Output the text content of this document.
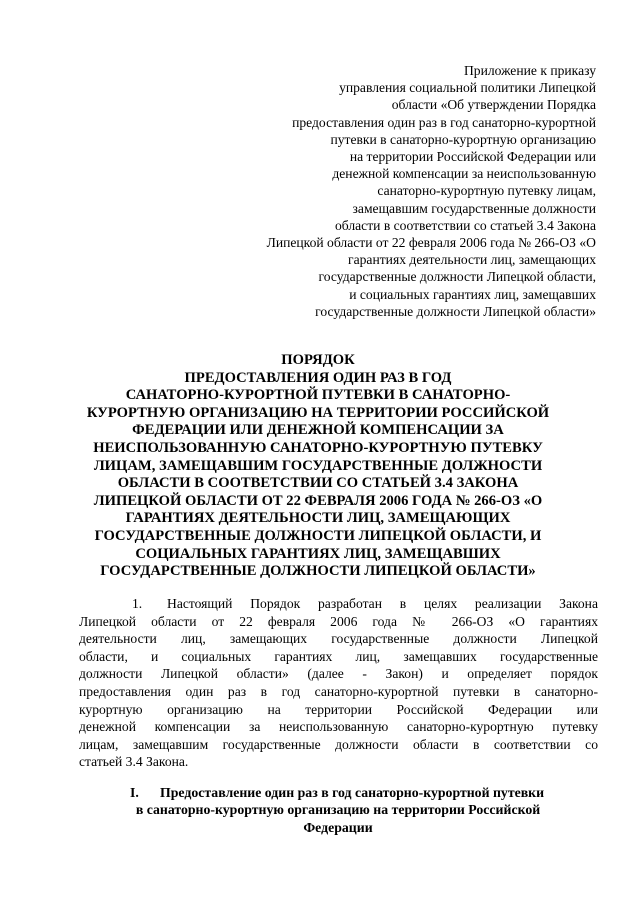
Приложение к приказу
управления социальной политики Липецкой
области «Об утверждении Порядка
предоставления один раз в год санаторно-курортной
путевки в санаторно-курортную организацию
на территории Российской Федерации или
денежной компенсации за неиспользованную
санаторно-курортную путевку лицам,
замещавшим государственные должности
области в соответствии со статьей 3.4 Закона
Липецкой области от 22 февраля 2006 года № 266-ОЗ «О
гарантиях деятельности лиц, замещающих
государственные должности Липецкой области,
и социальных гарантиях лиц, замещавших
государственные должности Липецкой области»
ПОРЯДОК
ПРЕДОСТАВЛЕНИЯ ОДИН РАЗ В ГОД
САНАТОРНО-КУРОРТНОЙ ПУТЕВКИ В САНАТОРНО-
КУРОРТНУЮ ОРГАНИЗАЦИЮ НА ТЕРРИТОРИИ РОССИЙСКОЙ
ФЕДЕРАЦИИ ИЛИ ДЕНЕЖНОЙ КОМПЕНСАЦИИ ЗА
НЕИСПОЛЬЗОВАННУЮ САНАТОРНО-КУРОРТНУЮ ПУТЕВКУ
ЛИЦАМ, ЗАМЕЩАВШИМ ГОСУДАРСТВЕННЫЕ ДОЛЖНОСТИ
ОБЛАСТИ В СООТВЕТСТВИИ СО СТАТЬЕЙ 3.4 ЗАКОНА
ЛИПЕЦКОЙ ОБЛАСТИ ОТ 22 ФЕВРАЛЯ 2006 ГОДА № 266-ОЗ «О
ГАРАНТИЯХ ДЕЯТЕЛЬНОСТИ ЛИЦ, ЗАМЕЩАЮЩИХ
ГОСУДАРСТВЕННЫЕ ДОЛЖНОСТИ ЛИПЕЦКОЙ ОБЛАСТИ, И
СОЦИАЛЬНЫХ ГАРАНТИЯХ ЛИЦ, ЗАМЕЩАВШИХ
ГОСУДАРСТВЕННЫЕ ДОЛЖНОСТИ ЛИПЕЦКОЙ ОБЛАСТИ»
1. Настоящий Порядок разработан в целях реализации Закона
Липецкой области от 22 февраля 2006 года № 266-ОЗ «О гарантиях
деятельности лиц, замещающих государственные должности Липецкой
области, и социальных гарантиях лиц, замещавших государственные
должности Липецкой области» (далее - Закон) и определяет порядок
предоставления один раз в год санаторно-курортной путевки в санаторно-
курортную организацию на территории Российской Федерации или
денежной компенсации за неиспользованную санаторно-курортную путевку
лицам, замещавшим государственные должности области в соответствии со
статьей 3.4 Закона.
I. Предоставление один раз в год санаторно-курортной путевки
в санаторно-курортную организацию на территории Российской
Федерации
